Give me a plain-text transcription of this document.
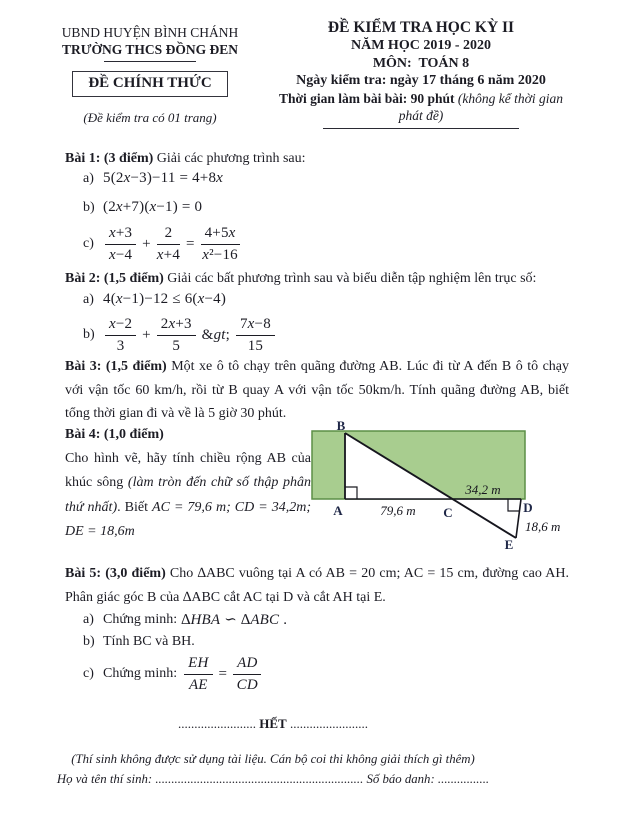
UBND HUYỆN BÌNH CHÁNH
TRƯỜNG THCS ĐỒNG ĐEN
ĐỀ CHÍNH THỨC
(Đề kiểm tra có 01 trang)
ĐỀ KIỂM TRA HỌC KỲ II
NĂM HỌC 2019 - 2020
MÔN:  TOÁN 8
Ngày kiểm tra: ngày 17 tháng 6 năm 2020
Thời gian làm bài bài: 90 phút (không kể thời gian phát đề)

Bài 1: (3 điểm) Giải các phương trình sau:

a) 5(2x−3)−11 = 4+8x
b) (2x+7)(x−1) = 0
$c) \frac{x+3}{x-4} + \frac{2}{x+4} = \frac{4+5x}{\text{x²−16}}$

Bài 2: (1,5 điểm) Giải các bất phương trình sau và biểu diễn tập nghiệm lên trục số:

a) 4(x−1)−12 ≤ 6(x−4)
$b) \frac{x-2}{3} + \frac{2x+3}{5}$ &gt; $\frac{7x-8}{15}$

Bài 3: (1,5 điểm) Một xe ô tô chạy trên quãng đường AB. Lúc đi từ A đến B ô tô chạy với vận tốc 60 km/h, rồi từ B quay A với vận tốc 50km/h. Tính quãng đường AB, biết tổng thời gian đi và về là 5 giờ 30 phút.

Bài 4: (1,0 điểm)

Cho hình vẽ, hãy tính chiều rộng AB của khúc sông (làm tròn đến chữ số thập phân thứ nhất). Biết AC = 79,6 m; CD = 34,2m; DE = 18,6m

B
A	C	D
E
79,6 m
34,2 m
18,6 m

Bài 5: (3,0 điểm) Cho ∆ABC vuông tại A có AB = 20 cm; AC = 15 cm, đường cao AH. Phân giác góc B của ∆ABC cắt AC tại D và cắt AH tại E.

a) Chứng minh: ∆HBA ∽ ∆ABC .
b) Tính BC và BH.
c) Chứng minh: $\frac{EH}{AE} = \frac{AD}{CD}$
........................ HẾT ........................
(Thí sinh không được sử dụng tài liệu. Cán bộ coi thi không giải thích gì thêm)
Họ và tên thí sinh: ................................................................. Số báo danh: ................
